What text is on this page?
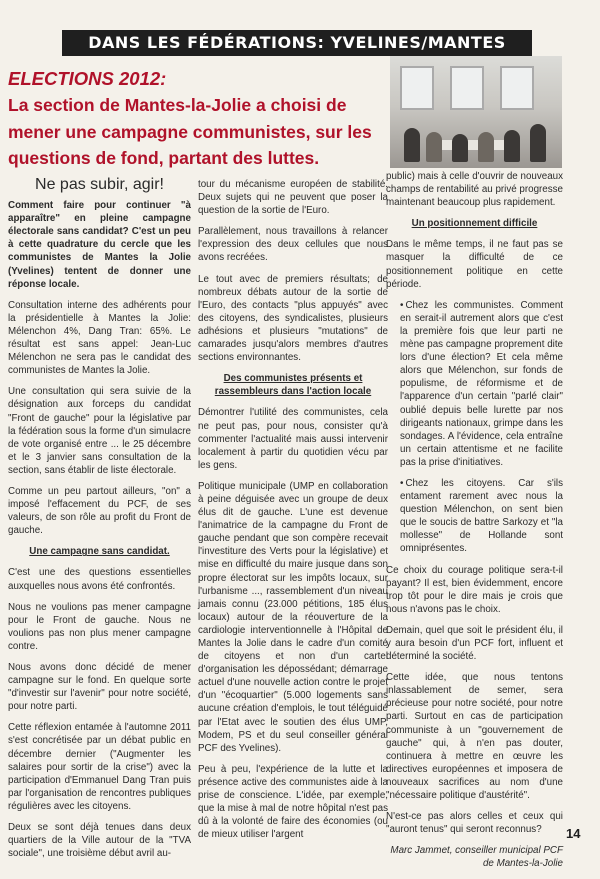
DANS LES FÉDÉRATIONS: YVELINES/MANTES
ELECTIONS 2012:
La section de Mantes-la-Jolie a choisi de mener une campagne communistes, sur les questions de fond, partant des luttes.

Ne pas subir, agir!

Comment faire pour continuer "à apparaître" en pleine campagne électorale sans candidat? C'est un peu à cette quadrature du cercle que les communistes de Mantes la Jolie (Yvelines) tentent de donner une réponse locale.

Consultation interne des adhérents pour la présidentielle à Mantes la Jolie: Mélenchon 4%, Dang Tran: 65%. Le résultat est sans appel: Jean-Luc Mélenchon ne sera pas le candidat des communistes de Mantes la Jolie.

Une consultation qui sera suivie de la désignation aux forceps du candidat "Front de gauche" pour la législative par la fédération sous la forme d'un simulacre de vote organisé entre ... le 25 décembre et le 3 janvier sans consultation de la section, sans établir de liste électorale.

Comme un peu partout ailleurs, "on" a imposé l'effacement du PCF, de ses valeurs, de son rôle au profit du Front de gauche.

Une campagne sans candidat.

C'est une des questions essentielles auxquelles nous avons été confrontés.

Nous ne voulions pas mener campagne pour le Front de gauche. Nous ne voulions pas non plus mener campagne contre.

Nous avons donc décidé de mener campagne sur le fond. En quelque sorte "d'investir sur l'avenir" pour notre société, pour notre parti.

Cette réflexion entamée à l'automne 2011 s'est concrétisée par un débat public en décembre dernier ("Augmenter les salaires pour sortir de la crise") avec la participation d'Emmanuel Dang Tran puis par l'organisation de rencontres publiques régulières avec les citoyens.

Deux se sont déjà tenues dans deux quartiers de la Ville autour de la "TVA sociale", une troisième début avril au-

tour du mécanisme européen de stabilité. Deux sujets qui ne peuvent que poser la question de la sortie de l'Euro.

Parallèlement, nous travaillons à relancer l'expression des deux cellules que nous avons recréées.

Le tout avec de premiers résultats; de nombreux débats autour de la sortie de l'Euro, des contacts "plus appuyés" avec des citoyens, des syndicalistes, plusieurs adhésions et plusieurs "mutations" de camarades jusqu'alors membres d'autres sections environnantes.

Des communistes présents et rassembleurs dans l'action locale

Démontrer l'utilité des communistes, cela ne peut pas, pour nous, consister qu'à commenter l'actualité mais aussi intervenir localement à partir du quotidien vécu par les gens.

Politique municipale (UMP en collaboration à peine déguisée avec un groupe de deux élus dit de gauche. L'une est devenue l'animatrice de la campagne du Front de gauche pendant que son compère recevait l'investiture des Verts pour la législative) et mise en difficulté du maire jusque dans son propre électorat sur les impôts locaux, sur l'urbanisme ..., rassemblement d'un niveau jamais connu (23.000 pétitions, 185 élus locaux) autour de la réouverture de la cardiologie interventionnelle à l'Hôpital de Mantes la Jolie dans le cadre d'un comité de citoyens et non d'un cartel d'organisation les dépossédant; démarrage actuel d'une nouvelle action contre le projet d'un "écoquartier" (5.000 logements sans aucune création d'emplois, le tout téléguidé par l'Etat avec le soutien des élus UMP, Modem, PS et du seul conseiller général PCF des Yvelines).

Peu à peu, l'expérience de la lutte et la présence active des communistes aide à la prise de conscience. L'idée, par exemple, que la mise à mal de notre hôpital n'est pas dû à la volonté de faire des économies (ou de mieux utiliser l'argent

public) mais à celle d'ouvrir de nouveaux champs de rentabilité au privé progresse maintenant beaucoup plus rapidement.

Un positionnement difficile

Dans le même temps, il ne faut pas se masquer la difficulté de ce positionnement politique en cette période.

• Chez les communistes. Comment en serait-il autrement alors que c'est la première fois que leur parti ne mène pas campagne proprement dite lors d'une élection? Et cela même alors que Mélenchon, sur fonds de populisme, de réformisme et de l'apparence d'un certain "parlé clair" oublié depuis belle lurette par nos dirigeants nationaux, grimpe dans les sondages. A l'évidence, cela entraîne un certain attentisme et ne facilite pas la prise d'initiatives.

• Chez les citoyens. Car s'ils entament rarement avec nous la question Mélenchon, on sent bien que le soucis de battre Sarkozy et "la mollesse" de Hollande sont omniprésentes.

Ce choix du courage politique sera-t-il payant? Il est, bien évidemment, encore trop tôt pour le dire mais je crois que nous n'avons pas le choix.

Demain, quel que soit le président élu, il y aura besoin d'un PCF fort, influent et déterminé la société.

Cette idée, que nous tentons inlassablement de semer, sera précieuse pour notre société, pour notre parti. Surtout en cas de participation communiste à un "gouvernement de gauche" qui, à n'en pas douter, continuera à mettre en œuvre les directives européennes et imposera de nouveaux sacrifices au nom d'une "nécessaire politique d'austérité".

N'est-ce pas alors celles et ceux qui "auront tenus" qui seront reconnus?

Marc Jammet, conseiller municipal PCF de Mantes-la-Jolie

14
